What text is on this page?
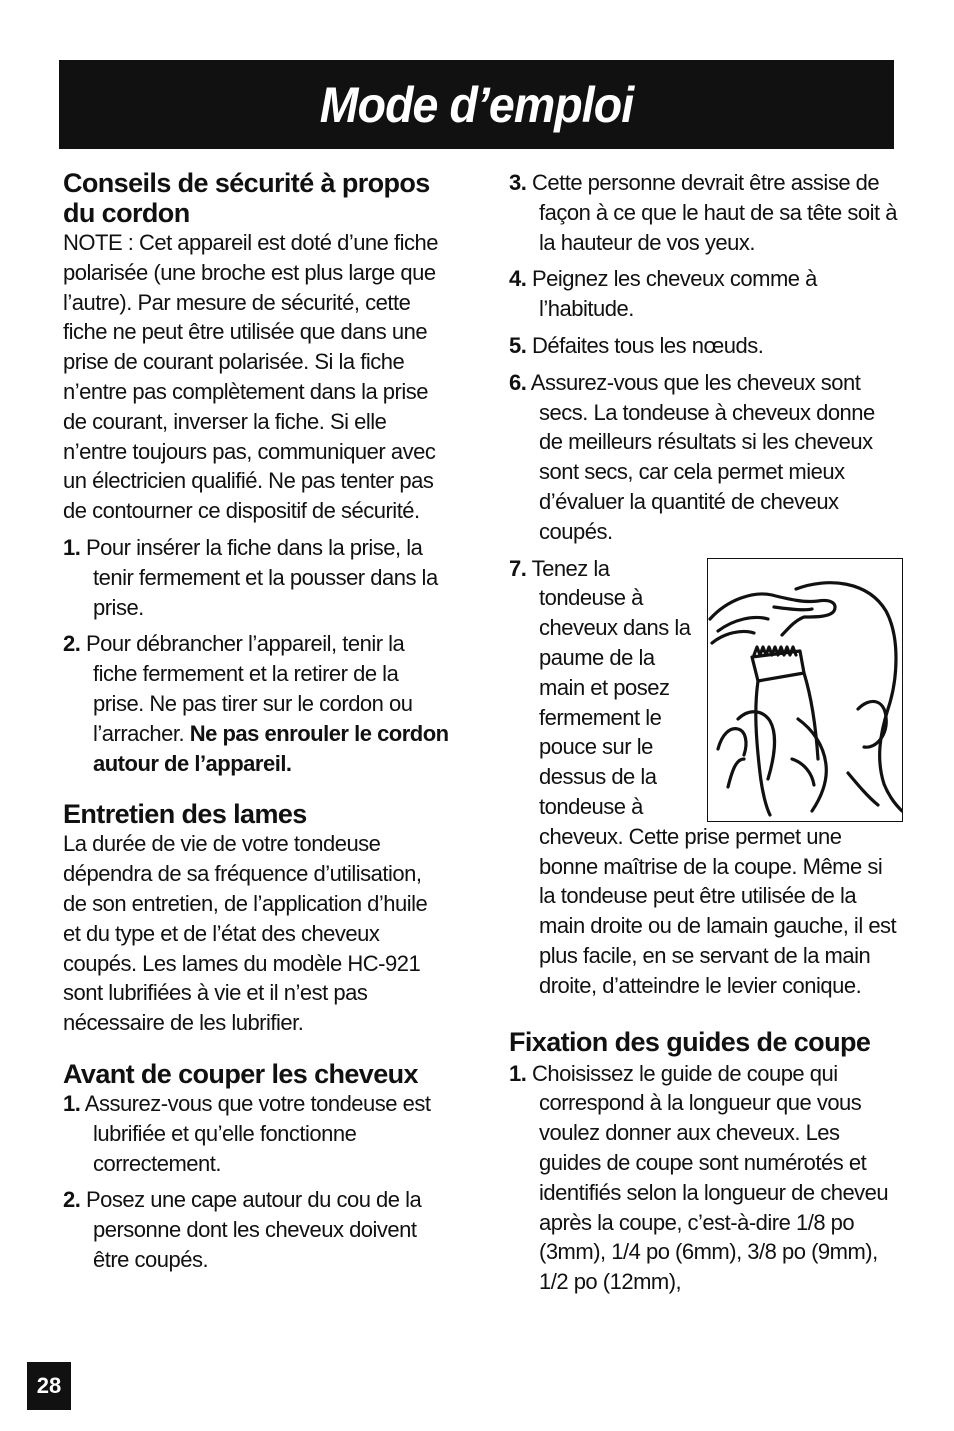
Mode d’emploi
Conseils de sécurité à propos du cordon

NOTE : Cet appareil est doté d’une fiche polarisée (une broche est plus large que l’autre). Par mesure de sécurité, cette fiche ne peut être utilisée que dans une prise de courant polarisée. Si la fiche n’entre pas complètement dans la prise de courant, inverser la fiche. Si elle n’entre toujours pas, communiquer avec un électricien qualifié. Ne pas tenter pas de contourner ce dispositif de sécurité.

1. Pour insérer la fiche dans la prise, la tenir fermement et la pousser dans la prise.
2. Pour débrancher l’appareil, tenir la fiche fermement et la retirer de la prise. Ne pas tirer sur le cordon ou l’arracher. Ne pas enrouler le cordon autour de l’appareil.
Entretien des lames

La durée de vie de votre tondeuse dépendra de sa fréquence d’utilisation, de son entretien, de l’application d’huile et du type et de l’état des cheveux coupés. Les lames du modèle HC-921 sont lubrifiées à vie et il n’est pas nécessaire de les lubrifier.

Avant de couper les cheveux
1. Assurez-vous que votre tondeuse est lubrifiée et qu’elle fonctionne correctement.
2. Posez une cape autour du cou de la personne dont les cheveux doivent être coupés.
3. Cette personne devrait être assise de façon à ce que le haut de sa tête soit à la hauteur de vos yeux.
4. Peignez les cheveux comme à l’habitude.
5. Défaites tous les nœuds.
6. Assurez-vous que les cheveux sont secs. La tondeuse à cheveux donne de meilleurs résultats si les cheveux sont secs, car cela permet mieux d’évaluer la quantité de cheveux coupés.
7. Tenez la tondeuse à cheveux dans la paume de la main et posez fermement le pouce sur le dessus de la tondeuse à cheveux. Cette prise permet une bonne maîtrise de la coupe. Même si la tondeuse peut être utilisée de la main droite ou de lamain gauche, il est plus facile, en se servant de la main droite, d’atteindre le levier conique.
Fixation des guides de coupe
1. Choisissez le guide de coupe qui correspond à la longueur que vous voulez donner aux cheveux. Les guides de coupe sont numérotés et identifiés selon la longueur de cheveu après la coupe, c’est-à-dire 1/8 po (3mm), 1/4 po (6mm), 3/8 po (9mm), 1/2 po (12mm),
28
